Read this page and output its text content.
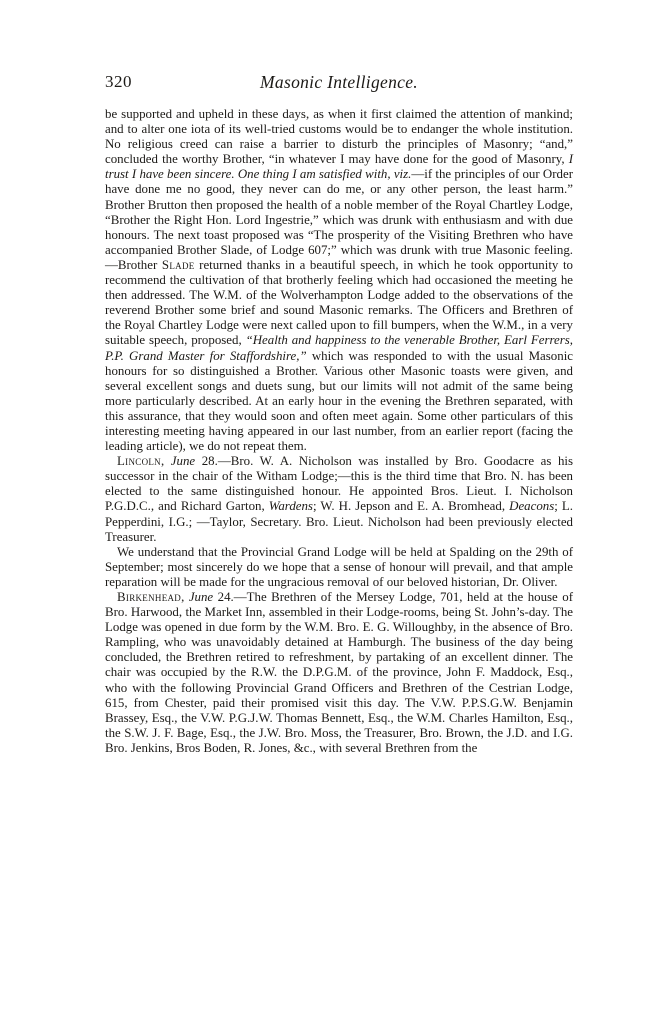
320	Masonic Intelligence.

be supported and upheld in these days, as when it first claimed the attention of mankind; and to alter one iota of its well-tried customs would be to endanger the whole institution. No religious creed can raise a barrier to disturb the principles of Masonry; “and,” concluded the worthy Brother, “in whatever I may have done for the good of Masonry, I trust I have been sincere. One thing I am satisfied with, viz.—if the principles of our Order have done me no good, they never can do me, or any other person, the least harm.” Brother Brutton then proposed the health of a noble member of the Royal Chartley Lodge, “Brother the Right Hon. Lord Ingestrie,” which was drunk with enthusiasm and with due honours. The next toast proposed was “The prosperity of the Visiting Brethren who have accompanied Brother Slade, of Lodge 607;” which was drunk with true Masonic feeling.—Brother Slade returned thanks in a beautiful speech, in which he took opportunity to recommend the cultivation of that brotherly feeling which had occasioned the meeting he then addressed. The W.M. of the Wolverhampton Lodge added to the observations of the reverend Brother some brief and sound Masonic remarks. The Officers and Brethren of the Royal Chartley Lodge were next called upon to fill bumpers, when the W.M., in a very suitable speech, proposed, “Health and happiness to the venerable Brother, Earl Ferrers, P.P. Grand Master for Staffordshire,” which was responded to with the usual Masonic honours for so distinguished a Brother. Various other Masonic toasts were given, and several excellent songs and duets sung, but our limits will not admit of the same being more particularly described. At an early hour in the evening the Brethren separated, with this assurance, that they would soon and often meet again. Some other particulars of this interesting meeting having appeared in our last number, from an earlier report (facing the leading article), we do not repeat them.

Lincoln, June 28.—Bro. W. A. Nicholson was installed by Bro. Goodacre as his successor in the chair of the Witham Lodge;—this is the third time that Bro. N. has been elected to the same distinguished honour. He appointed Bros. Lieut. I. Nicholson P.G.D.C., and Richard Garton, Wardens; W. H. Jepson and E. A. Bromhead, Deacons; L. Pepperdini, I.G.; —Taylor, Secretary. Bro. Lieut. Nicholson had been previously elected Treasurer.

We understand that the Provincial Grand Lodge will be held at Spalding on the 29th of September; most sincerely do we hope that a sense of honour will prevail, and that ample reparation will be made for the ungracious removal of our beloved historian, Dr. Oliver.

Birkenhead, June 24.—The Brethren of the Mersey Lodge, 701, held at the house of Bro. Harwood, the Market Inn, assembled in their Lodge-rooms, being St. John’s-day. The Lodge was opened in due form by the W.M. Bro. E. G. Willoughby, in the absence of Bro. Rampling, who was unavoidably detained at Hamburgh. The business of the day being concluded, the Brethren retired to refreshment, by partaking of an excellent dinner. The chair was occupied by the R.W. the D.P.G.M. of the province, John F. Maddock, Esq., who with the following Provincial Grand Officers and Brethren of the Cestrian Lodge, 615, from Chester, paid their promised visit this day. The V.W. P.P.S.G.W. Benjamin Brassey, Esq., the V.W. P.G.J.W. Thomas Bennett, Esq., the W.M. Charles Hamilton, Esq., the S.W. J. F. Bage, Esq., the J.W. Bro. Moss, the Treasurer, Bro. Brown, the J.D. and I.G. Bro. Jenkins, Bros Boden, R. Jones, &c., with several Brethren from the
